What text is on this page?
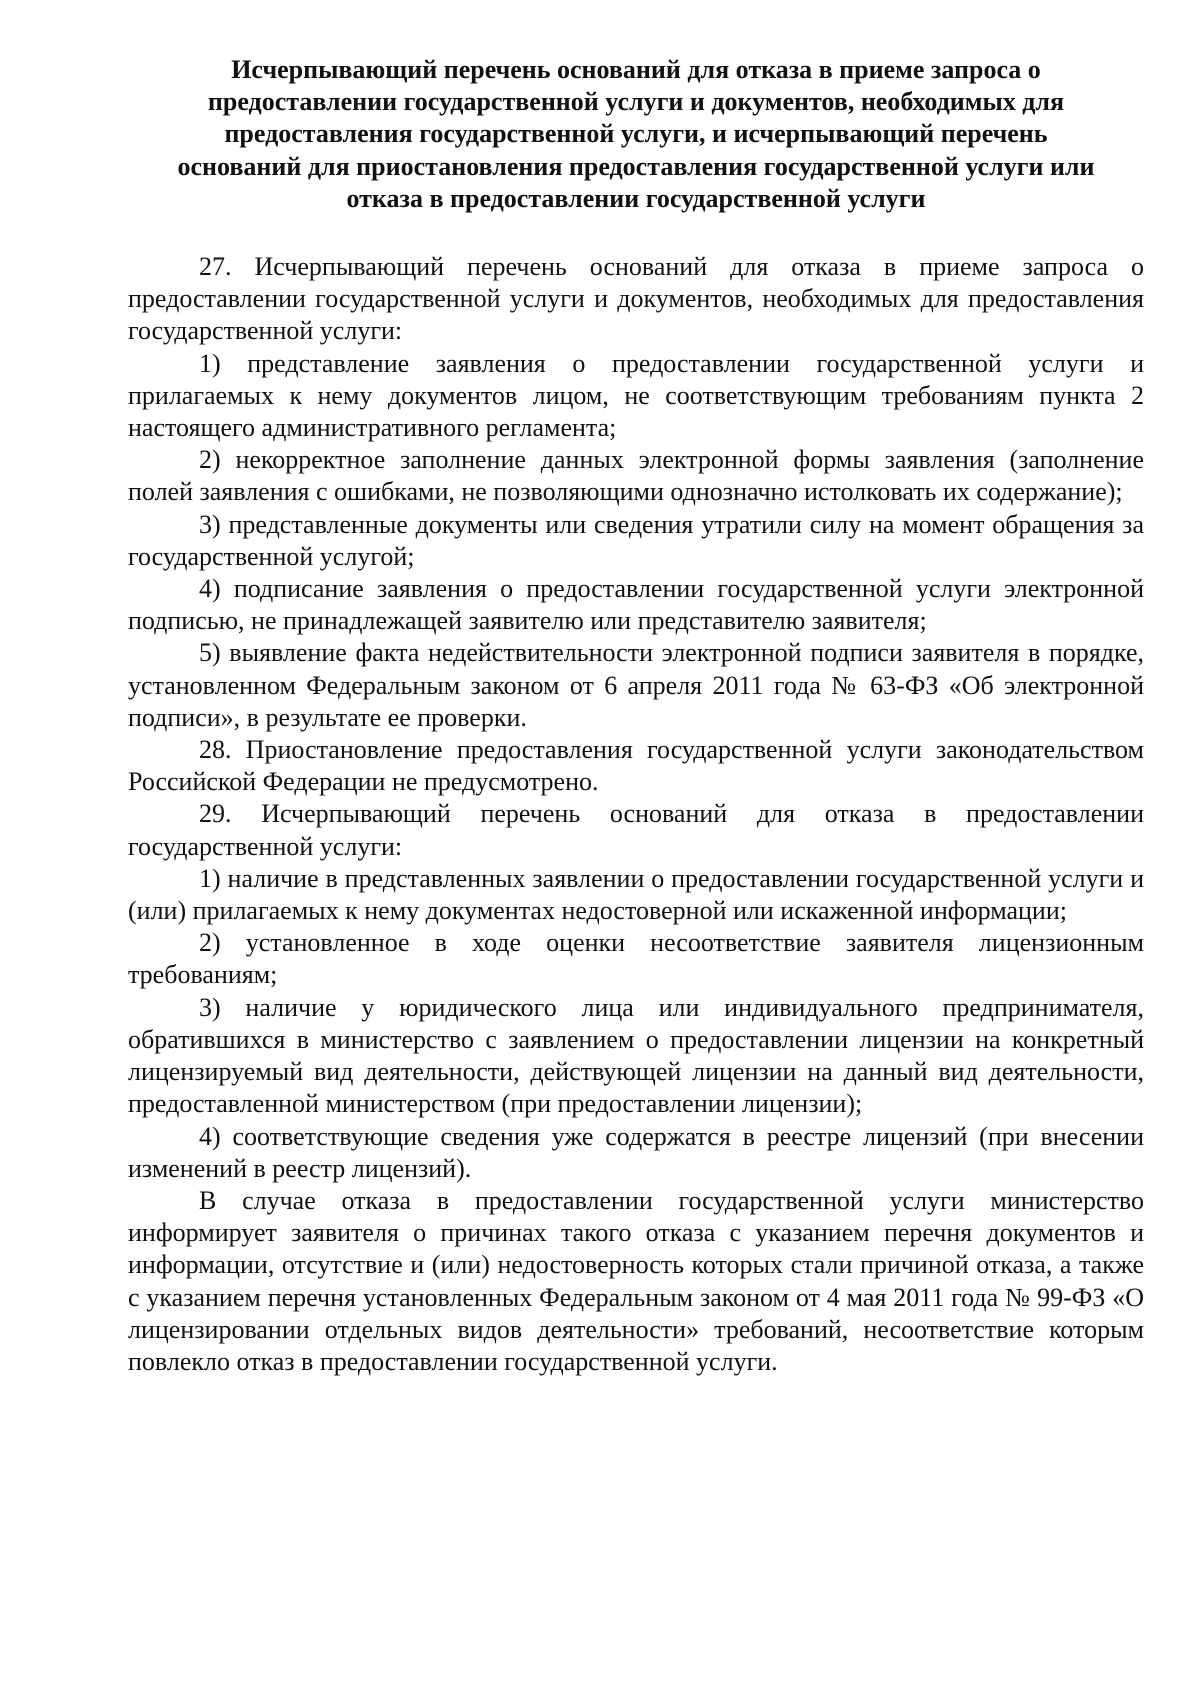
Исчерпывающий перечень оснований для отказа в приеме запроса о
предоставлении государственной услуги и документов, необходимых для
предоставления государственной услуги, и исчерпывающий перечень
оснований для приостановления предоставления государственной услуги или
отказа в предоставлении государственной услуги

27. Исчерпывающий перечень оснований для отказа в приеме запроса о предоставлении государственной услуги и документов, необходимых для предоставления государственной услуги:

1) представление заявления о предоставлении государственной услуги и прилагаемых к нему документов лицом, не соответствующим требованиям пункта 2 настоящего административного регламента;

2) некорректное заполнение данных электронной формы заявления (заполнение полей заявления с ошибками, не позволяющими однозначно истолковать их содержание);

3) представленные документы или сведения утратили силу на момент обращения за государственной услугой;

4) подписание заявления о предоставлении государственной услуги электронной подписью, не принадлежащей заявителю или представителю заявителя;

5) выявление факта недействительности электронной подписи заявителя в порядке, установленном Федеральным законом от 6 апреля 2011 года № 63-ФЗ «Об электронной подписи», в результате ее проверки.

28. Приостановление предоставления государственной услуги законодательством Российской Федерации не предусмотрено.

29. Исчерпывающий перечень оснований для отказа в предоставлении государственной услуги:

1) наличие в представленных заявлении о предоставлении государственной услуги и (или) прилагаемых к нему документах недостоверной или искаженной информации;

2) установленное в ходе оценки несоответствие заявителя лицензионным требованиям;

3) наличие у юридического лица или индивидуального предпринимателя, обратившихся в министерство с заявлением о предоставлении лицензии на конкретный лицензируемый вид деятельности, действующей лицензии на данный вид деятельности, предоставленной министерством (при предоставлении лицензии);

4) соответствующие сведения уже содержатся в реестре лицензий (при внесении изменений в реестр лицензий).

В случае отказа в предоставлении государственной услуги министерство информирует заявителя о причинах такого отказа с указанием перечня документов и информации, отсутствие и (или) недостоверность которых стали причиной отказа, а также с указанием перечня установленных Федеральным законом от 4 мая 2011 года № 99-ФЗ «О лицензировании отдельных видов деятельности» требований, несоответствие которым повлекло отказ в предоставлении государственной услуги.
